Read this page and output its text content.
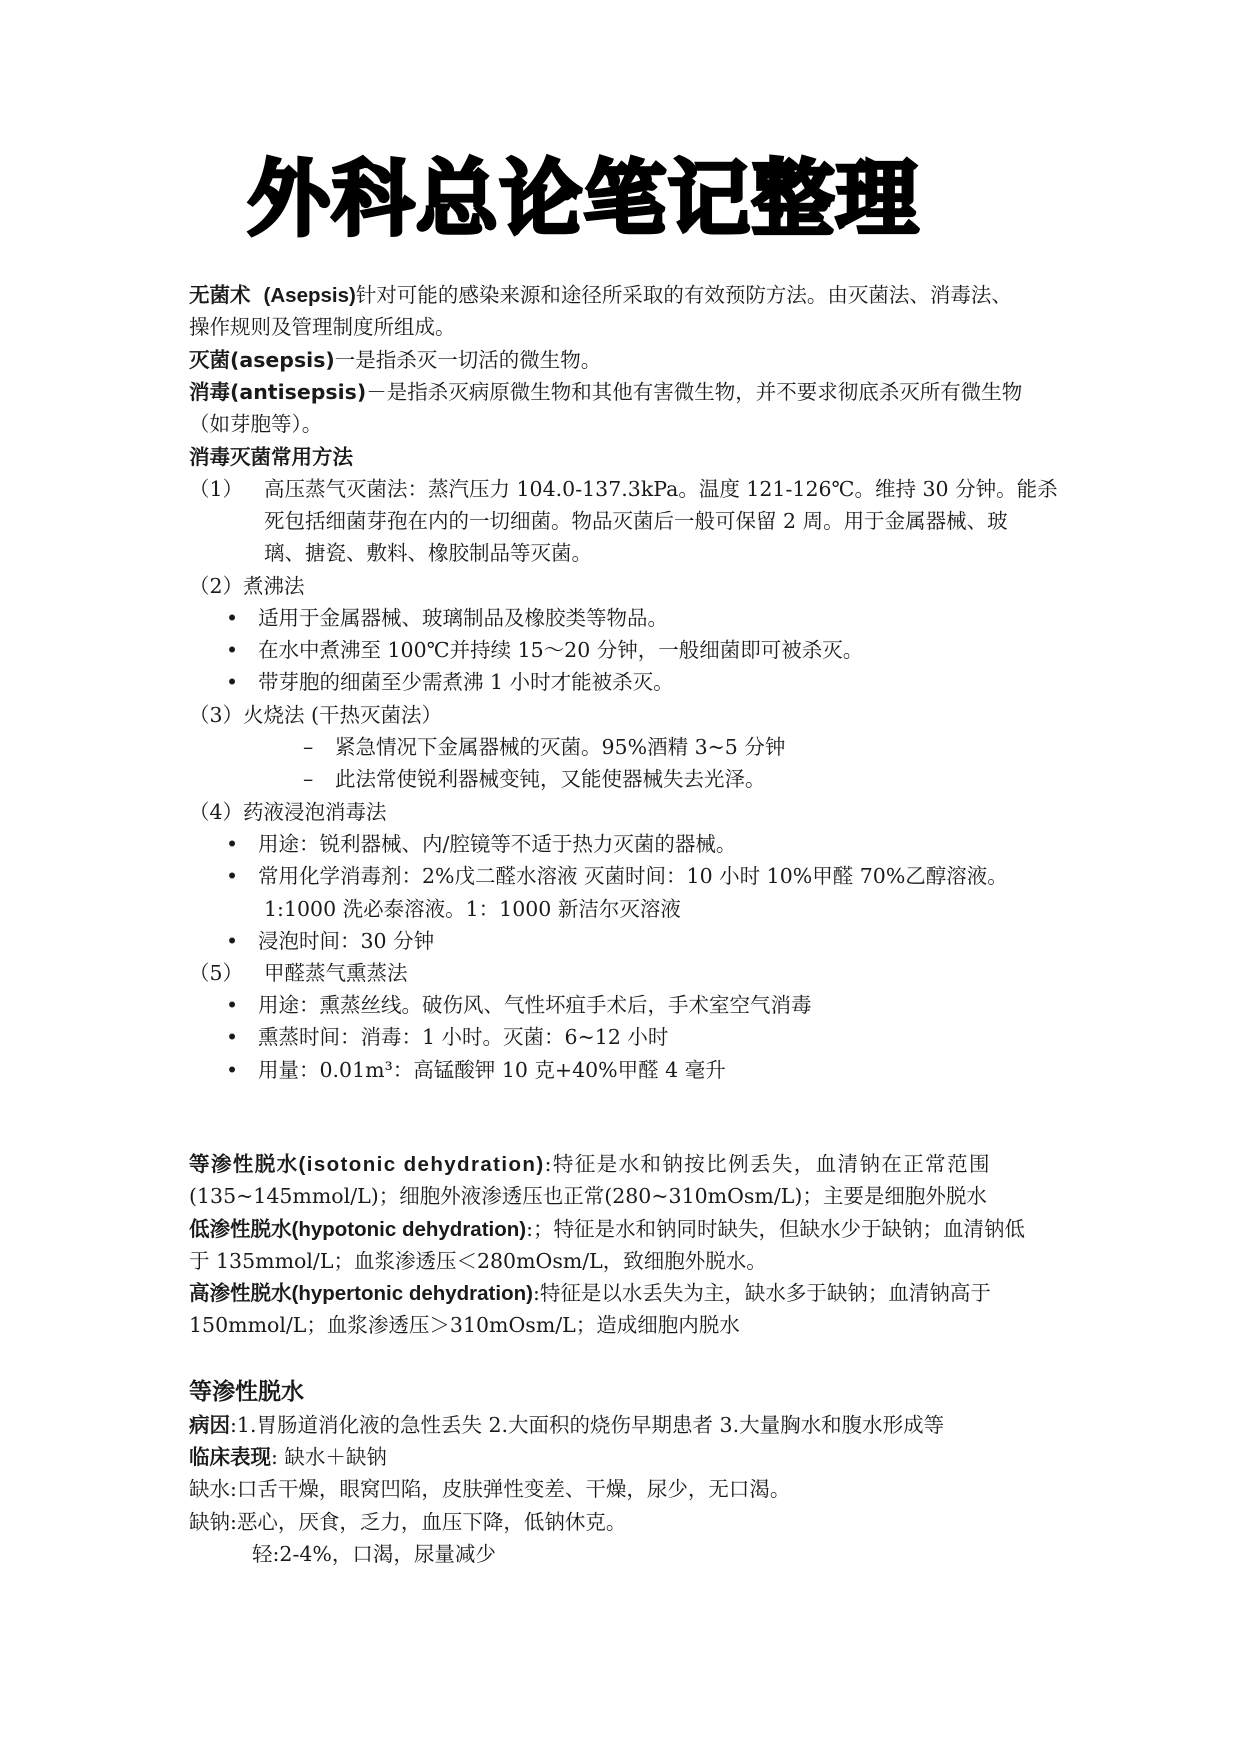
外科总论笔记整理
无菌术 (Asepsis)针对可能的感染来源和途径所采取的有效预防方法。由灭菌法、消毒法、
操作规则及管理制度所组成。
灭菌(asepsis)一是指杀灭一切活的微生物。
消毒(antisepsis)－是指杀灭病原微生物和其他有害微生物，并不要求彻底杀灭所有微生物
（如芽胞等）。
消毒灭菌常用方法
（1） 高压蒸气灭菌法：蒸汽压力 104.0-137.3kPa。温度 121-126℃。维持 30 分钟。能杀
死包括细菌芽孢在内的一切细菌。物品灭菌后一般可保留 2 周。用于金属器械、玻
璃、搪瓷、敷料、橡胶制品等灭菌。
（2）煮沸法
• 适用于金属器械、玻璃制品及橡胶类等物品。
• 在水中煮沸至 100℃并持续 15～20 分钟，一般细菌即可被杀灭。
• 带芽胞的细菌至少需煮沸 1 小时才能被杀灭。
（3）火烧法 (干热灭菌法）
– 紧急情况下金属器械的灭菌。95%酒精 3~5 分钟
– 此法常使锐利器械变钝，又能使器械失去光泽。
（4）药液浸泡消毒法
• 用途：锐利器械、内/腔镜等不适于热力灭菌的器械。
• 常用化学消毒剂：2%戊二醛水溶液 灭菌时间：10 小时 10%甲醛 70%乙醇溶液。
1:1000 洗必泰溶液。1：1000 新洁尔灭溶液
• 浸泡时间：30 分钟
（5） 甲醛蒸气熏蒸法
• 用途：熏蒸丝线。破伤风、气性坏疽手术后，手术室空气消毒
• 熏蒸时间：消毒：1 小时。灭菌：6~12 小时
• 用量：0.01m³：高锰酸钾 10 克+40%甲醛 4 毫升
等渗性脱水(isotonic dehydration):特征是水和钠按比例丢失，血清钠在正常范围
(135~145mmol/L)；细胞外液渗透压也正常(280~310mOsm/L)；主要是细胞外脱水
低渗性脱水(hypotonic dehydration):；特征是水和钠同时缺失，但缺水少于缺钠；血清钠低
于 135mmol/L；血浆渗透压＜280mOsm/L，致细胞外脱水。
高渗性脱水(hypertonic dehydration):特征是以水丢失为主，缺水多于缺钠；血清钠高于
150mmol/L；血浆渗透压＞310mOsm/L；造成细胞内脱水
等渗性脱水
病因:1.胃肠道消化液的急性丢失 2.大面积的烧伤早期患者 3.大量胸水和腹水形成等
临床表现: 缺水＋缺钠
缺水:口舌干燥，眼窝凹陷，皮肤弹性变差、干燥，尿少，无口渴。
缺钠:恶心，厌食，乏力，血压下降，低钠休克。
轻:2-4%，口渴，尿量减少
